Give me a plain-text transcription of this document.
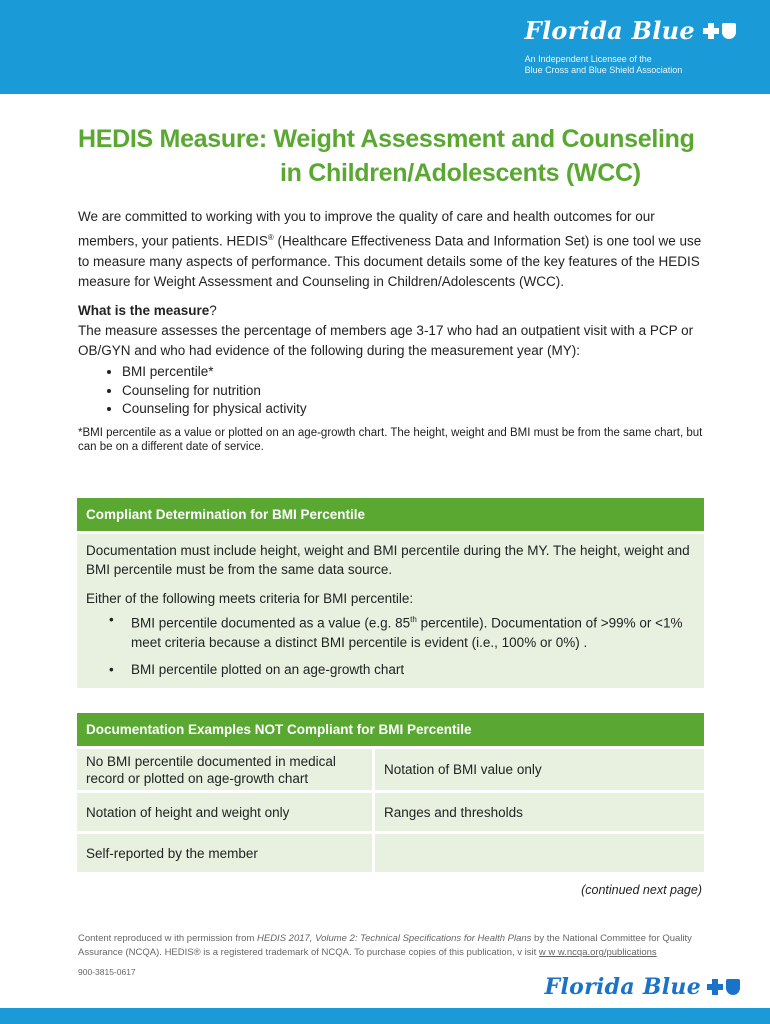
Florida Blue
An Independent Licensee of the
Blue Cross and Blue Shield Association
HEDIS Measure: Weight Assessment and Counseling
in Children/Adolescents (WCC)
We are committed to working with you to improve the quality of care and health outcomes for our members, your patients. HEDIS® (Healthcare Effectiveness Data and Information Set) is one tool we use to measure many aspects of performance. This document details some of the key features of the HEDIS measure for Weight Assessment and Counseling in Children/Adolescents (WCC).
What is the measure?
The measure assesses the percentage of members age 3-17 who had an outpatient visit with a PCP or OB/GYN and who had evidence of the following during the measurement year (MY):
• BMI percentile*
• Counseling for nutrition
• Counseling for physical activity
*BMI percentile as a value or plotted on an age-growth chart. The height, weight and BMI must be from the same chart, but can be on a different date of service.
Compliant Determination for BMI Percentile

Documentation must include height, weight and BMI percentile during the MY. The height, weight and BMI percentile must be from the same data source.

Either of the following meets criteria for BMI percentile:

• BMI percentile documented as a value (e.g. 85th percentile). Documentation of >99% or <1% meet criteria because a distinct BMI percentile is evident (i.e., 100% or 0%) .
• BMI percentile plotted on an age-growth chart
Documentation Examples NOT Compliant for BMI Percentile
No BMI percentile documented in medical record or plotted on age-growth chart	Notation of BMI value only
Notation of height and weight only	Ranges and thresholds
Self-reported by the member	
(continued next page)
Content reproduced w ith permission from HEDIS 2017, Volume 2: Technical Specifications for Health Plans by the National Committee for Quality Assurance (NCQA). HEDIS® is a registered trademark of NCQA. To purchase copies of this publication, v isit w w w.ncqa.org/publications
900-3815-0617
Florida Blue
